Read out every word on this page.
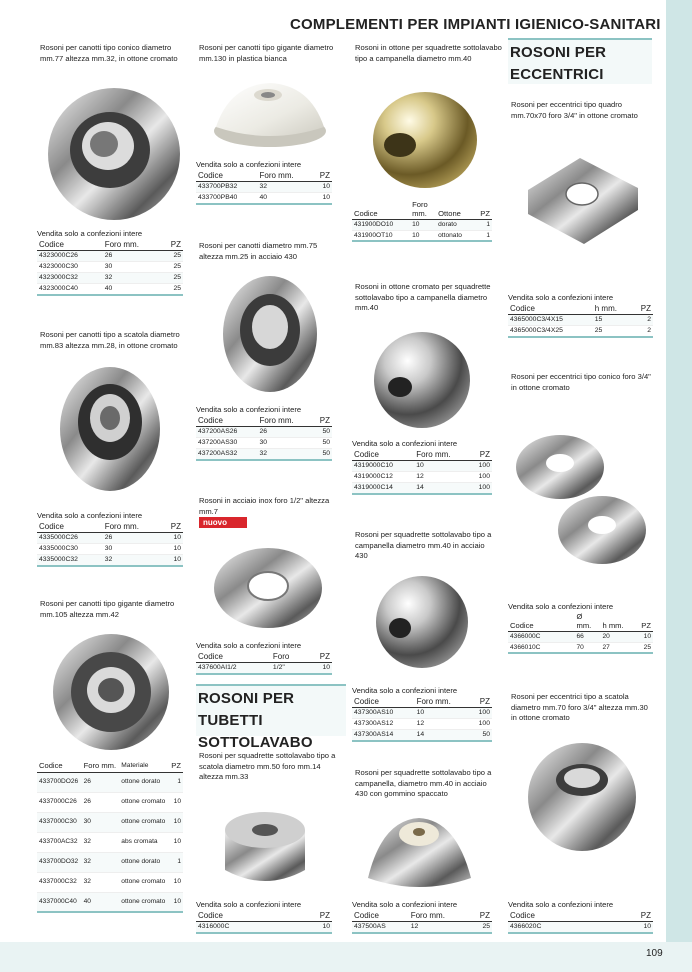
COMPLEMENTI PER IMPIANTI IGIENICO-SANITARI
Rosoni per canotti tipo conico diametro mm.77 altezza mm.32, in ottone cromato
Vendita solo a confezioni intere
Codice	Foro mm.	PZ
4323000C26	26	25
4323000C30	30	25
4323000C32	32	25
4323000C40	40	25
Rosoni per canotti tipo a scatola diametro mm.83 altezza mm.28, in ottone cromato
Vendita solo a confezioni intere
Codice	Foro mm.	PZ
4335000C26	26	10
4335000C30	30	10
4335000C32	32	10
Rosoni per canotti tipo gigante diametro mm.105 altezza mm.42
Codice	Foro mm.	Materiale	PZ
433700DO26	26	ottone dorato	1
4337000C26	26	ottone cromato	10
4337000C30	30	ottone cromato	10
433700AC32	32	abs cromata	10
433700DO32	32	ottone dorato	1
4337000C32	32	ottone cromato	10
4337000C40	40	ottone cromato	10
Rosoni per canotti tipo gigante diametro mm.130 in plastica bianca
Vendita solo a confezioni intere
Codice	Foro mm.	PZ
433700PB32	32	10
433700PB40	40	10
Rosoni per canotti diametro mm.75 altezza mm.25 in acciaio 430
Vendita solo a confezioni intere
Codice	Foro mm.	PZ
437200AS26	26	50
437200AS30	30	50
437200AS32	32	50
Rosoni in acciaio inox foro 1/2" altezza mm.7
nuovo
Vendita solo a confezioni intere
Codice	Foro	PZ
437600AI1/2	1/2"	10
ROSONI PER TUBETTI SOTTOLAVABO
Rosoni per squadrette sottolavabo tipo a scatola diametro mm.50 foro mm.14 altezza mm.33
Vendita solo a confezioni intere
Codice	PZ
4316000C	10
Rosoni in ottone per squadrette sottolavabo tipo a campanella diametro mm.40
Codice	Foro mm.	Ottone	PZ
431900DO10	10	dorato	1
431900OT10	10	ottonato	1
Rosoni in ottone cromato per squadrette sottolavabo tipo a campanella diametro mm.40
Vendita solo a confezioni intere
Codice	Foro mm.	PZ
4319000C10	10	100
4319000C12	12	100
4319000C14	14	100
Rosoni per squadrette sottolavabo tipo a campanella diametro mm.40 in acciaio 430
Vendita solo a confezioni intere
Codice	Foro mm.	PZ
437300AS10	10	100
437300AS12	12	100
437300AS14	14	50
Rosoni per squadrette sottolavabo tipo a campanella, diametro mm.40 in acciaio 430 con gommino spaccato
Vendita solo a confezioni intere
Codice	Foro mm.	PZ
437500AS	12	25
ROSONI PER ECCENTRICI
Rosoni per eccentrici tipo quadro mm.70x70 foro 3/4" in ottone cromato
Vendita solo a confezioni intere
Codice	h mm.	PZ
4365000C3/4X15	15	2
4365000C3/4X25	25	2
Rosoni per eccentrici tipo conico foro 3/4" in ottone cromato
Vendita solo a confezioni intere
Codice	Ø mm.	h mm.	PZ
4366000C	66	20	10
4366010C	70	27	25
Rosoni per eccentrici tipo a scatola diametro mm.70 foro 3/4" altezza mm.30 in ottone cromato
Vendita solo a confezioni intere
Codice	PZ
4366020C	10
109
